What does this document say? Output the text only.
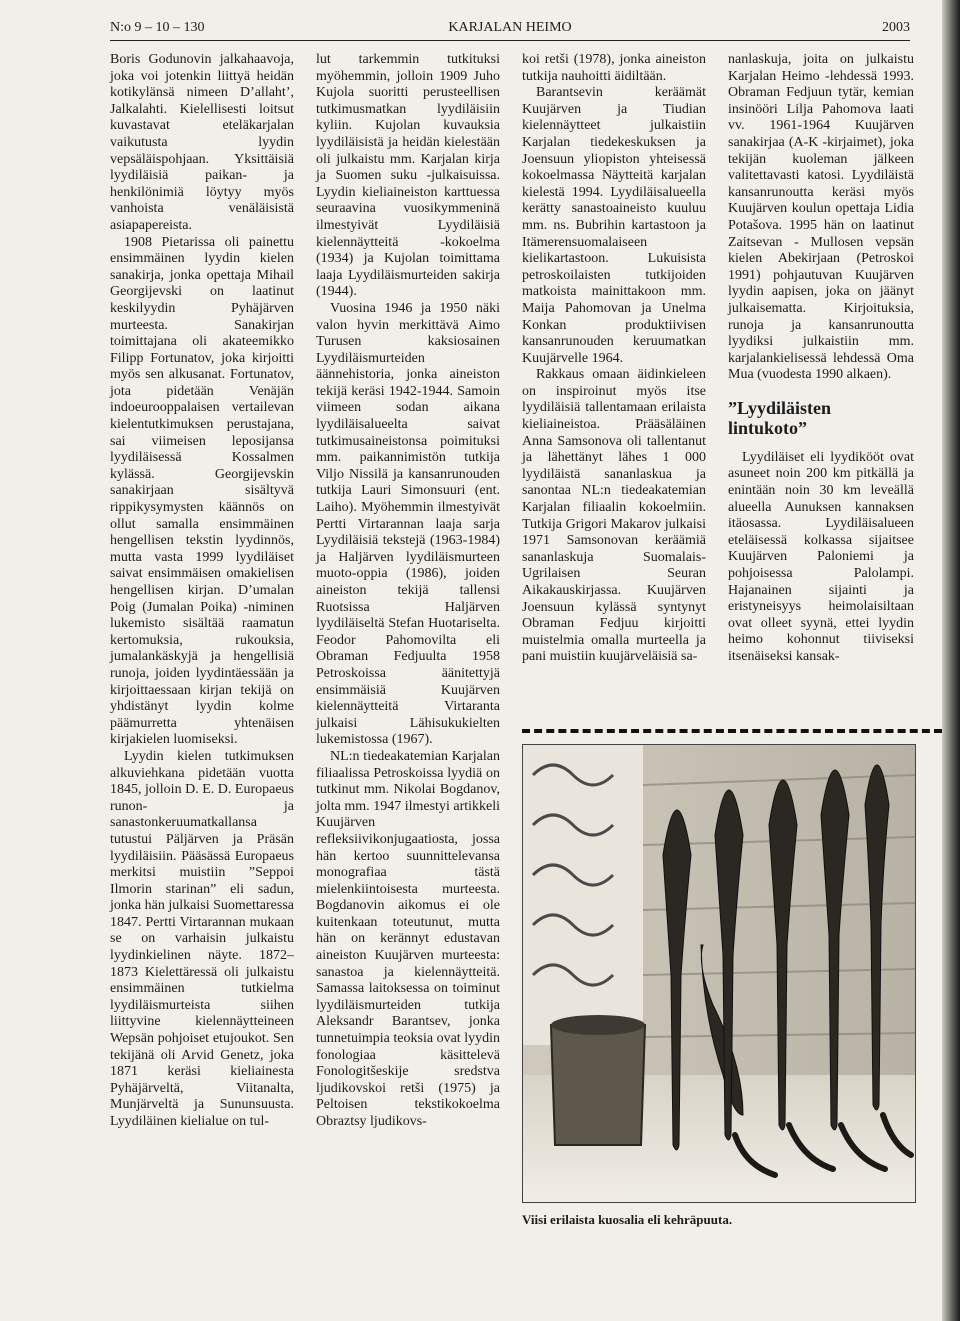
N:o 9 – 10 – 130	KARJALAN HEIMO	2003

Boris Godunovin jalkahaavoja, joka voi jotenkin liittyä heidän kotikylänsä nimeen D’allaht’, Jalkalahti. Kielellisesti loitsut kuvastavat eteläkarjalan vaikutusta lyydin vepsäläispohjaan. Yksittäisiä lyydiläisiä paikan- ja henkilönimiä löytyy myös vanhoista venäläisistä asiapapereista.

1908 Pietarissa oli painettu ensimmäinen lyydin kielen sanakirja, jonka opettaja Mihail Georgijevski on laatinut keskilyydin Pyhäjärven murteesta. Sanakirjan toimittajana oli akateemikko Filipp Fortunatov, joka kirjoitti myös sen alkusanat. Fortunatov, jota pidetään Venäjän indoeurooppalaisen vertailevan kielentutkimuksen perustajana, sai viimeisen leposijansa lyydiläisessä Kossalmen kylässä. Georgijevskin sanakirjaan sisältyvä rippikysymysten käännös on ollut samalla ensimmäinen hengellisen tekstin lyydinnös, mutta vasta 1999 lyydiläiset saivat ensimmäisen omakielisen hengellisen kirjan. D’umalan Poig (Jumalan Poika) -niminen lukemisto sisältää raamatun kertomuksia, rukouksia, jumalankäskyjä ja hengellisiä runoja, joiden lyydintäessään ja kirjoittaessaan kirjan tekijä on yhdistänyt lyydin kolme päämurretta yhtenäisen kirjakielen luomiseksi.

Lyydin kielen tutkimuksen alkuviehkana pidetään vuotta 1845, jolloin D. E. D. Europaeus runon- ja sanastonkeruumatkallansa tutustui Päljärven ja Präsän lyydiläisiin. Pääsässä Europaeus merkitsi muistiin ”Seppoi Ilmorin starinan” eli sadun, jonka hän julkaisi Suomettaressa 1847. Pertti Virtarannan mukaan se on varhaisin julkaistu lyydinkielinen näyte. 1872–1873 Kielettäressä oli julkaistu ensimmäinen tutkielma lyydiläismurteista siihen liittyvine kielennäytteineen Wepsän pohjoiset etujoukot. Sen tekijänä oli Arvid Genetz, joka 1871 keräsi kieliainesta Pyhäjärveltä, Viitanalta, Munjärveltä ja Sununsuusta. Lyydiläinen kielialue on tul-

lut tarkemmin tutkituksi myöhemmin, jolloin 1909 Juho Kujola suoritti perusteellisen tutkimusmatkan lyydiläisiin kyliin. Kujolan kuvauksia lyydiläisistä ja heidän kielestään oli julkaistu mm. Karjalan kirja ja Suomen suku -julkaisuissa. Lyydin kieliaineiston karttuessa seuraavina vuosikymmeninä ilmestyivät Lyydiläisiä kielennäytteitä -kokoelma (1934) ja Kujolan toimittama laaja Lyydiläismurteiden sakirja (1944).

Vuosina 1946 ja 1950 näki valon hyvin merkittävä Aimo Turusen kaksiosainen Lyydiläismurteiden äännehistoria, jonka aineiston tekijä keräsi 1942-1944. Samoin viimeen sodan aikana lyydiläisalueelta saivat tutkimusaineistonsa poimituksi mm. paikannimistön tutkija Viljo Nissilä ja kansanrunouden tutkija Lauri Simonsuuri (ent. Laiho). Myöhemmin ilmestyivät Pertti Virtarannan laaja sarja Lyydiläisiä tekstejä (1963-1984) ja Haljärven lyydiläismurteen muoto-oppia (1986), joiden aineiston tekijä tallensi Ruotsissa Haljärven lyydiläiseltä Stefan Huotariselta. Feodor Pahomovilta eli Obraman Fedjuulta 1958 Petroskoissa äänitettyjä ensimmäisiä Kuujärven kielennäytteitä Virtaranta julkaisi Lähisukukielten lukemistossa (1967).

NL:n tiedeakatemian Karjalan filiaalissa Petroskoissa lyydiä on tutkinut mm. Nikolai Bogdanov, jolta mm. 1947 ilmestyi artikkeli Kuujärven refleksiivikonjugaatiosta, jossa hän kertoo suunnittelevansa monografiaa tästä mielenkiintoisesta murteesta. Bogdanovin aikomus ei ole kuitenkaan toteutunut, mutta hän on kerännyt edustavan aineiston Kuujärven murteesta: sanastoa ja kielennäytteitä. Samassa laitoksessa on toiminut lyydiläismurteiden tutkija Aleksandr Barantsev, jonka tunnetuimpia teoksia ovat lyydin fonologiaa käsittelevä Fonologitšeskije sredstva ljudikovskoi retši (1975) ja Peltoisen tekstikokoelma Obraztsy ljudikovs-

koi retši (1978), jonka aineiston tutkija nauhoitti äidiltään.

Barantsevin keräämät Kuujärven ja Tiudian kielennäytteet julkaistiin Karjalan tiedekeskuksen ja Joensuun yliopiston yhteisessä kokoelmassa Näytteitä karjalan kielestä 1994. Lyydiläisalueella kerätty sanastoaineisto kuuluu mm. ns. Bubrihin kartastoon ja Itämerensuomalaiseen kielikartastoon. Lukuisista petroskoilaisten tutkijoiden matkoista mainittakoon mm. Maija Pahomovan ja Unelma Konkan produktiivisen kansanrunouden keruumatkan Kuujärvelle 1964.

Rakkaus omaan äidinkieleen on inspiroinut myös itse lyydiläisiä tallentamaan erilaista kieliaineistoa. Prääsäläinen Anna Samsonova oli tallentanut ja lähettänyt lähes 1 000 lyydiläistä sananlaskua ja sanontaa NL:n tiedeakatemian Karjalan filiaalin kokoelmiin. Tutkija Grigori Makarov julkaisi 1971 Samsonovan keräämiä sananlaskuja Suomalais-Ugrilaisen Seuran Aikakauskirjassa. Kuujärven Joensuun kylässä syntynyt Obraman Fedjuu kirjoitti muistelmia omalla murteella ja pani muistiin kuujärveläisiä sa-

nanlaskuja, joita on julkaistu Karjalan Heimo -lehdessä 1993. Obraman Fedjuun tytär, kemian insinööri Lilja Pahomova laati vv. 1961-1964 Kuujärven sanakirjaa (A-K -kirjaimet), joka tekijän kuoleman jälkeen valitettavasti katosi. Lyydiläistä kansanrunoutta keräsi myös Kuujärven koulun opettaja Lidia Potašova. 1995 hän on laatinut Zaitsevan - Mullosen vepsän kielen Abekirjaan (Petroskoi 1991) pohjautuvan Kuujärven lyydin aapisen, joka on jäänyt julkaisematta. Kirjoituksia, runoja ja kansanrunoutta lyydiksi julkaistiin mm. karjalankielisessä lehdessä Oma Mua (vuodesta 1990 alkaen).

”Lyydiläisten lintukoto”

Lyydiläiset eli lyydikööt ovat asuneet noin 200 km pitkällä ja enintään noin 30 km leveällä alueella Aunuksen kannaksen itäosassa. Lyydiläisalueen eteläisessä kolkassa sijaitsee Kuujärven Paloniemi ja pohjoisessa Palolampi. Hajanainen sijainti ja eristyneisyys heimolaisiltaan ovat olleet syynä, ettei lyydin heimo kohonnut tiiviseksi itsenäiseksi kansak-

Viisi erilaista kuosalia eli kehräpuuta.
